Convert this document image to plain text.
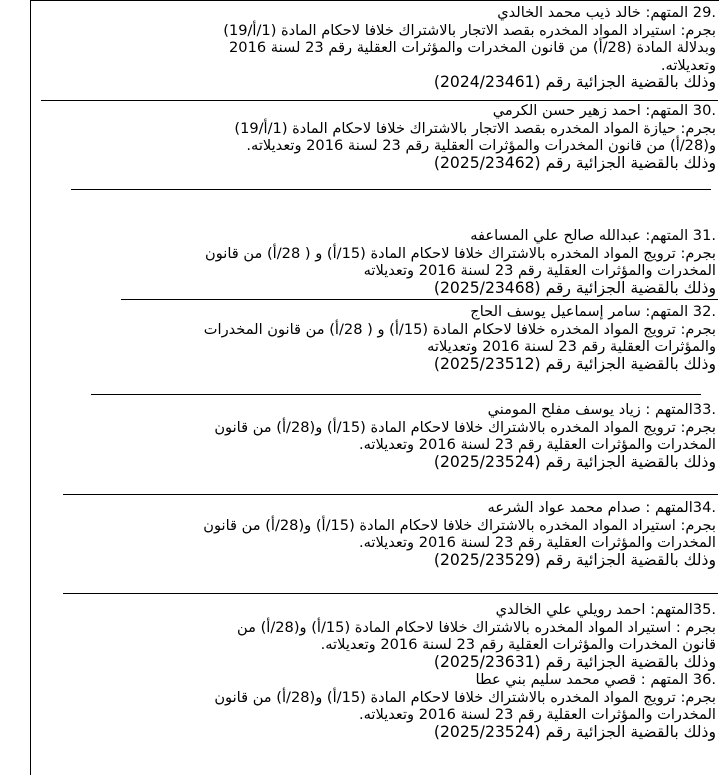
.29 المتهم: خالد ذيب محمد الخالدي
بجرم: استيراد المواد المخدره بقصد الاتجار بالاشتراك خلافا لاحكام المادة (1/أ/19)
وبدلالة المادة (28/أ) من قانون المخدرات والمؤثرات العقلية رقم 23 لسنة 2016
وتعديلاته.
وذلك بالقضية الجزائية رقم (2024/23461)
.30 المتهم: احمد زهير حسن الكرمي
بجرم: حيازة المواد المخدره بقصد الاتجار بالاشتراك خلافا لاحكام المادة (1/أ/19)
و(28/أ) من قانون المخدرات والمؤثرات العقلية رقم 23 لسنة 2016 وتعديلاته.
وذلك بالقضية الجزائية رقم (2025/23462)
.31 المتهم: عبدالله صالح علي المساعفه
بجرم: ترويج المواد المخدره بالاشتراك خلافا لاحكام المادة (15/أ) و ( 28/أ) من قانون
المخدرات والمؤثرات العقلية رقم 23 لسنة 2016 وتعديلاته
وذلك بالقضية الجزائية رقم (2025/23468)
.32 المتهم: سامر إسماعيل يوسف الحاج
بجرم: ترويج المواد المخدره خلافا لاحكام المادة (15/أ) و ( 28/أ) من قانون المخدرات
والمؤثرات العقلية رقم 23 لسنة 2016 وتعديلاته
وذلك بالقضية الجزائية رقم (2025/23512)
.33المتهم : زياد يوسف مفلح المومني
بجرم: ترويج المواد المخدره بالاشتراك خلافا لاحكام المادة (15/أ) و(28/أ) من قانون
المخدرات والمؤثرات العقلية رقم 23 لسنة 2016 وتعديلاته.
وذلك بالقضية الجزائية رقم (2025/23524)
.34المتهم : صدام محمد عواد الشرعه
بجرم: استيراد المواد المخدره بالاشتراك خلافا لاحكام المادة (15/أ) و(28/أ) من قانون
المخدرات والمؤثرات العقلية رقم 23 لسنة 2016 وتعديلاته.
وذلك بالقضية الجزائية رقم (2025/23529)
.35المتهم: احمد رويلي علي الخالدي
بجرم : استيراد المواد المخدره بالاشتراك خلافا لاحكام المادة (15/أ) و(28/أ) من
قانون المخدرات والمؤثرات العقلية رقم 23 لسنة 2016 وتعديلاته.
وذلك بالقضية الجزائية رقم (2025/23631)
.36 المتهم : قصي محمد سليم بني عطا
بجرم: ترويج المواد المخدره بالاشتراك خلافا لاحكام المادة (15/أ) و(28/أ) من قانون
المخدرات والمؤثرات العقلية رقم 23 لسنة 2016 وتعديلاته.
وذلك بالقضية الجزائية رقم (2025/23524)
